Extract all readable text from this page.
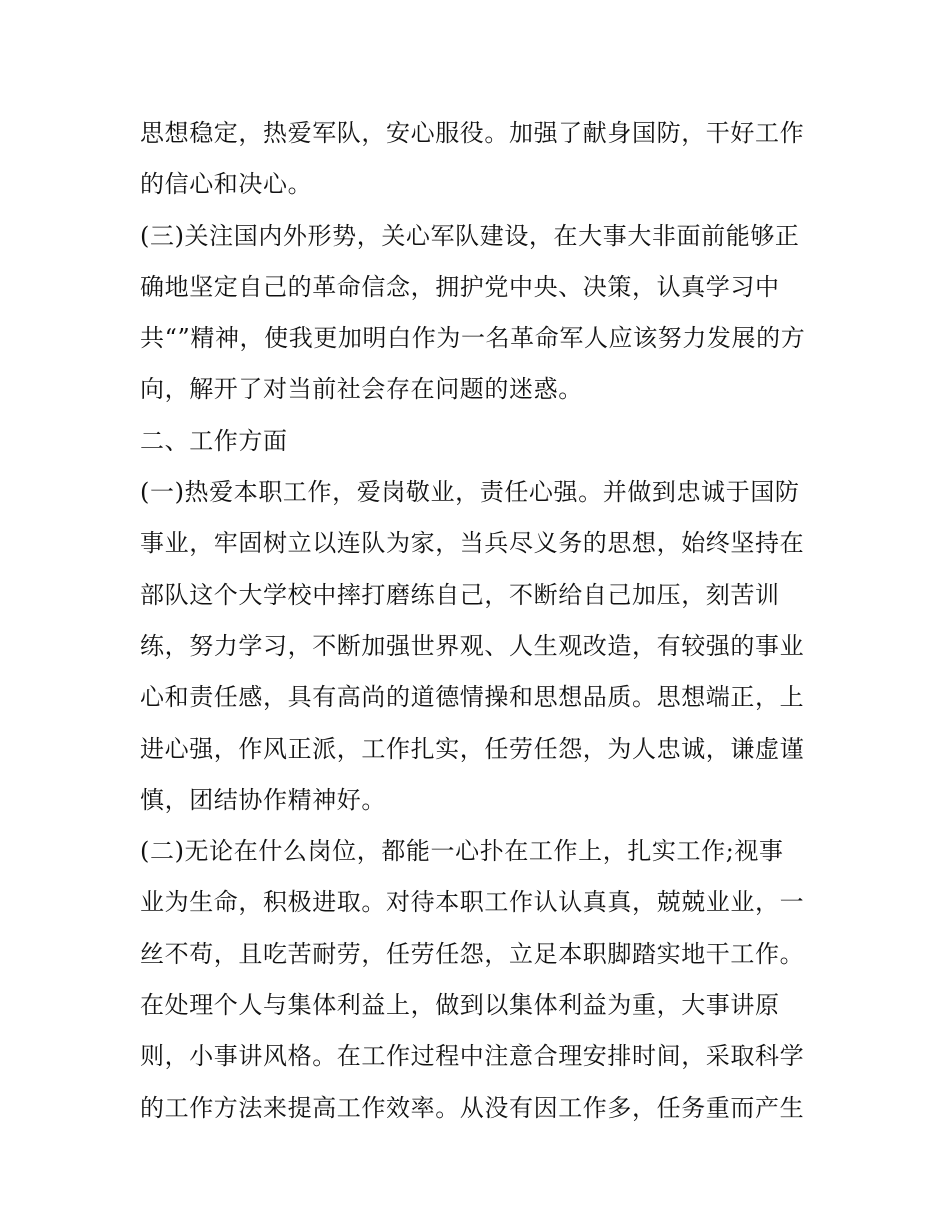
思想稳定，热爱军队，安心服役。加强了献身国防，干好工作
的信心和决心。
(三)关注国内外形势，关心军队建设，在大事大非面前能够正
确地坚定自己的革命信念，拥护党中央、决策，认真学习中
共“”精神，使我更加明白作为一名革命军人应该努力发展的方
向，解开了对当前社会存在问题的迷惑。
二、工作方面
(一)热爱本职工作，爱岗敬业，责任心强。并做到忠诚于国防
事业，牢固树立以连队为家，当兵尽义务的思想，始终坚持在
部队这个大学校中摔打磨练自己，不断给自己加压，刻苦训
练，努力学习，不断加强世界观、人生观改造，有较强的事业
心和责任感，具有高尚的道德情操和思想品质。思想端正，上
进心强，作风正派，工作扎实，任劳任怨，为人忠诚，谦虚谨
慎，团结协作精神好。
(二)无论在什么岗位，都能一心扑在工作上，扎实工作;视事
业为生命，积极进取。对待本职工作认认真真，兢兢业业，一
丝不苟，且吃苦耐劳，任劳任怨，立足本职脚踏实地干工作。
在处理个人与集体利益上，做到以集体利益为重，大事讲原
则，小事讲风格。在工作过程中注意合理安排时间，采取科学
的工作方法来提高工作效率。从没有因工作多，任务重而产生
